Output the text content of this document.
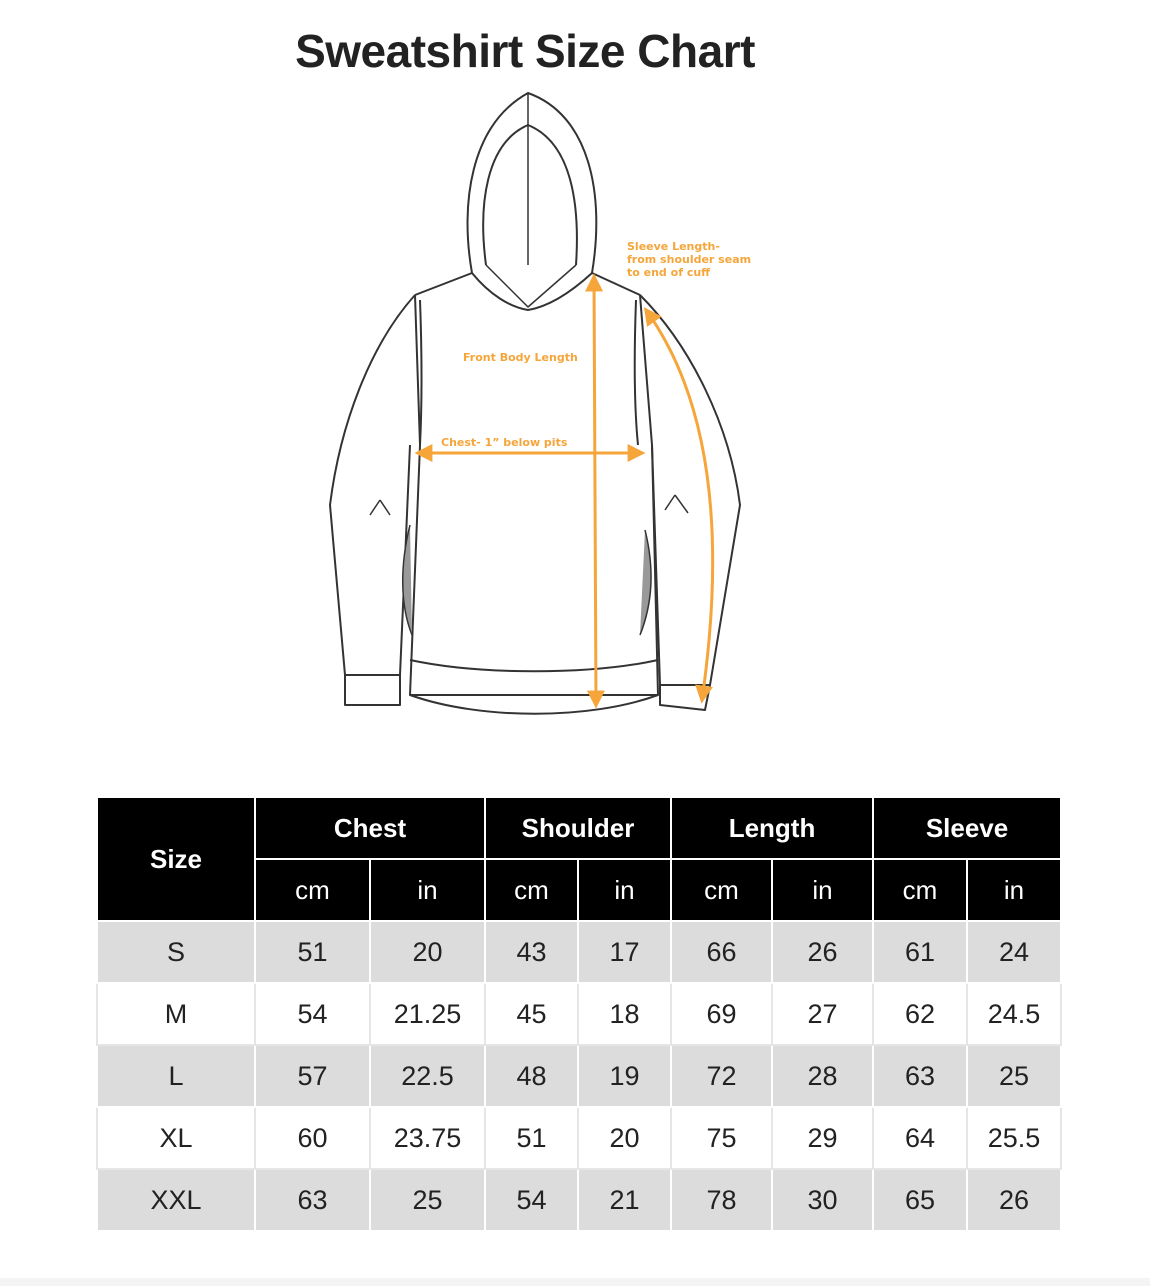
Sweatshirt Size Chart
Sleeve Length-
from shoulder seam
to end of cuff
Front Body Length
Chest- 1” below pits
Size	Chest		Shoulder		Length		Sleeve	
	cm	in	cm	in	cm	in	cm	in
S	51	20	43	17	66	26	61	24
M	54	21.25	45	18	69	27	62	24.5
L	57	22.5	48	19	72	28	63	25
XL	60	23.75	51	20	75	29	64	25.5
XXL	63	25	54	21	78	30	65	26
